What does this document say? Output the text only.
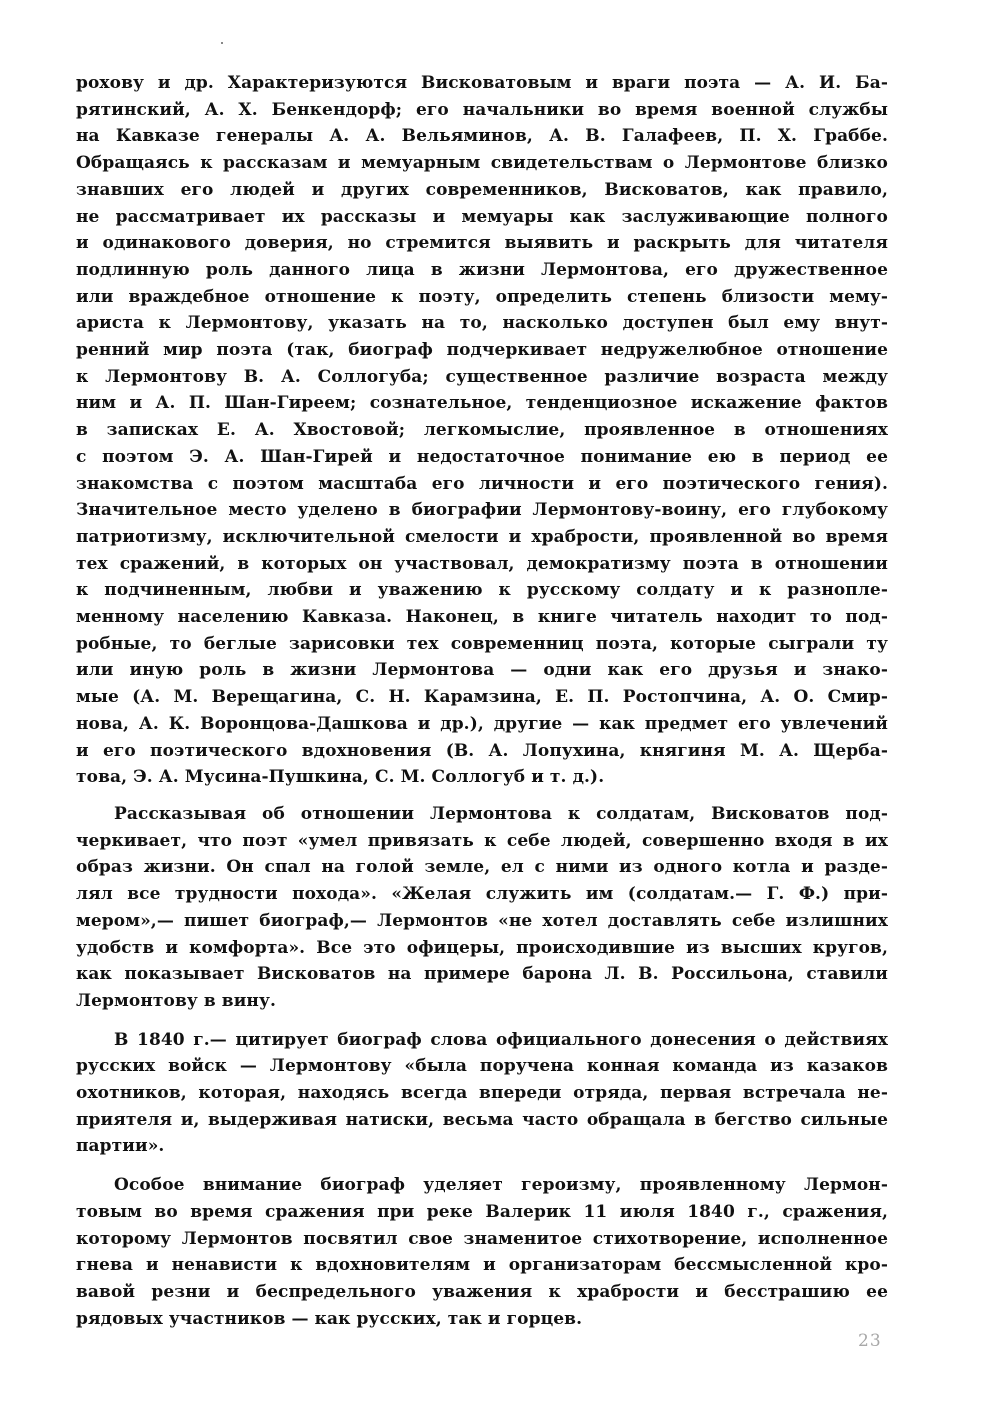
рохову и др. Характеризуются Висковатовым и враги поэта — А. И. Ба-
рятинский, А. Х. Бенкендорф; его начальники во время военной службы
на Кавказе генералы А. А. Вельяминов, А. В. Галафеев, П. Х. Граббе.
Обращаясь к рассказам и мемуарным свидетельствам о Лермонтове близко
знавших его людей и других современников, Висковатов, как правило,
не рассматривает их рассказы и мемуары как заслуживающие полного
и одинакового доверия, но стремится выявить и раскрыть для читателя
подлинную роль данного лица в жизни Лермонтова, его дружественное
или враждебное отношение к поэту, определить степень близости мему-
ариста к Лермонтову, указать на то, насколько доступен был ему внут-
ренний мир поэта (так, биограф подчеркивает недружелюбное отношение
к Лермонтову В. А. Соллогуба; существенное различие возраста между
ним и А. П. Шан-Гиреем; сознательное, тенденциозное искажение фактов
в записках Е. А. Хвостовой; легкомыслие, проявленное в отношениях
с поэтом Э. А. Шан-Гирей и недостаточное понимание ею в период ее
знакомства с поэтом масштаба его личности и его поэтического гения).
Значительное место уделено в биографии Лермонтову-воину, его глубокому
патриотизму, исключительной смелости и храбрости, проявленной во время
тех сражений, в которых он участвовал, демократизму поэта в отношении
к подчиненным, любви и уважению к русскому солдату и к разнопле-
менному населению Кавказа. Наконец, в книге читатель находит то под-
робные, то беглые зарисовки тех современниц поэта, которые сыграли ту
или иную роль в жизни Лермонтова — одни как его друзья и знако-
мые (А. М. Верещагина, С. Н. Карамзина, Е. П. Ростопчина, А. О. Смир-
нова, А. К. Воронцова-Дашкова и др.), другие — как предмет его увлечений
и его поэтического вдохновения (В. А. Лопухина, княгиня М. А. Щерба-
това, Э. А. Мусина-Пушкина, С. М. Соллогуб и т. д.).
Рассказывая об отношении Лермонтова к солдатам, Висковатов под-
черкивает, что поэт «умел привязать к себе людей, совершенно входя в их
образ жизни. Он спал на голой земле, ел с ними из одного котла и разде-
лял все трудности похода». «Желая служить им (солдатам.— Г. Ф.) при-
мером»,— пишет биограф,— Лермонтов «не хотел доставлять себе излишних
удобств и комфорта». Все это офицеры, происходившие из высших кругов,
как показывает Висковатов на примере барона Л. В. Россильона, ставили
Лермонтову в вину.
В 1840 г.— цитирует биограф слова официального донесения о действиях
русских войск — Лермонтову «была поручена конная команда из казаков
охотников, которая, находясь всегда впереди отряда, первая встречала не-
приятеля и, выдерживая натиски, весьма часто обращала в бегство сильные
партии».
Особое внимание биограф уделяет героизму, проявленному Лермон-
товым во время сражения при реке Валерик 11 июля 1840 г., сражения,
которому Лермонтов посвятил свое знаменитое стихотворение, исполненное
гнева и ненависти к вдохновителям и организаторам бессмысленной кро-
вавой резни и беспредельного уважения к храбрости и бесстрашию ее
рядовых участников — как русских, так и горцев.
23
